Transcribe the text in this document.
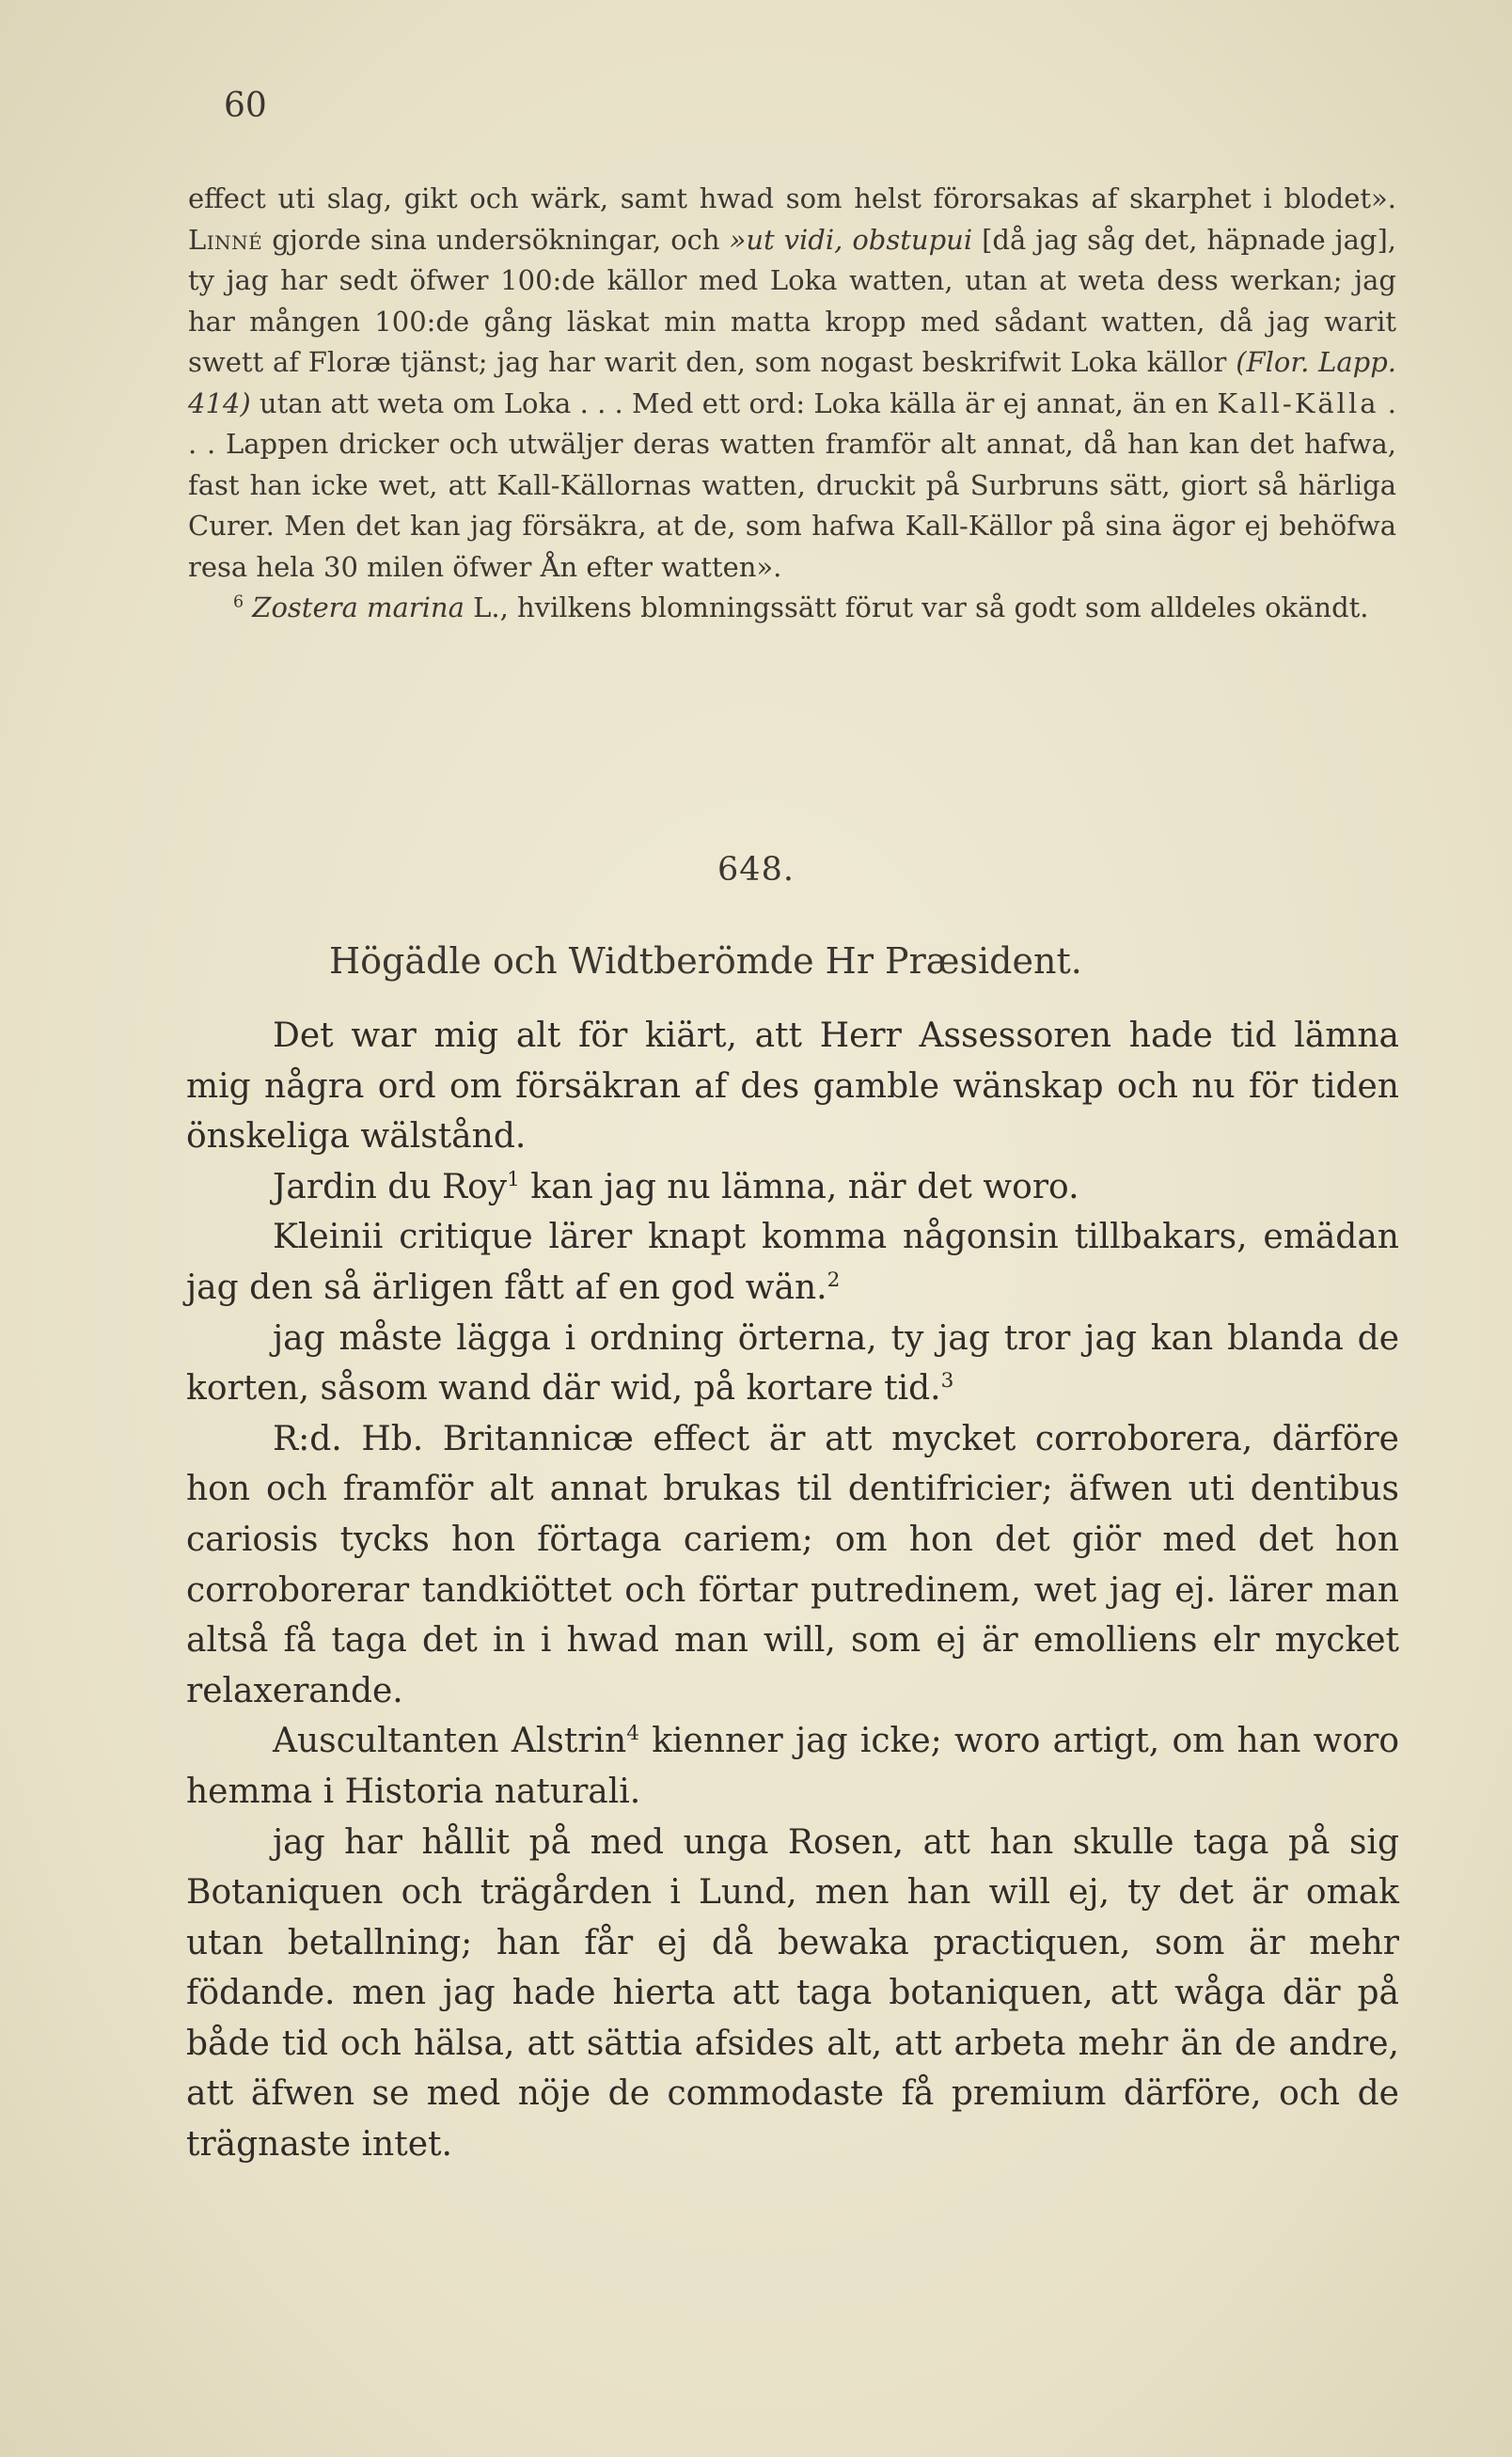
60

effect uti slag, gikt och wärk, samt hwad som helst förorsakas af skarphet i blodet». Linné gjorde sina undersökningar, och »ut vidi, obstupui [då jag såg det, häpnade jag], ty jag har sedt öfwer 100:de källor med Loka watten, utan at weta dess werkan; jag har mången 100:de gång läskat min matta kropp med sådant watten, då jag warit swett af Floræ tjänst; jag har warit den, som nogast beskrifwit Loka källor (Flor. Lapp. 414) utan att weta om Loka . . . Med ett ord: Loka källa är ej annat, än en Kall-Källa . . . Lappen dricker och utwäljer deras watten framför alt annat, då han kan det hafwa, fast han icke wet, att Kall-Källornas watten, druckit på Surbruns sätt, giort så härliga Curer. Men det kan jag försäkra, at de, som hafwa Kall-Källor på sina ägor ej behöfwa resa hela 30 milen öfwer Ån efter watten».

$^6$ Zostera marina L., hvilkens blomningssätt förut var så godt som alldeles okändt.

648.
Högädle och Widtberömde Hr Præsident.

Det war mig alt för kiärt, att Herr Assessoren hade tid lämna mig några ord om försäkran af des gamble wänskap och nu för tiden önskeliga wälstånd.

Jardin du Roy$^1$ kan jag nu lämna, när det woro.

Kleinii critique lärer knapt komma någonsin tillbakars, emädan jag den så ärligen fått af en god wän.$^2$

jag måste lägga i ordning örterna, ty jag tror jag kan blanda de korten, såsom wand där wid, på kortare tid.$^3$

R:d. Hb. Britannicæ effect är att mycket corroborera, därföre hon och framför alt annat brukas til dentifricier; äfwen uti dentibus cariosis tycks hon förtaga cariem; om hon det giör med det hon corroborerar tandkiöttet och förtar putredinem, wet jag ej. lärer man altså få taga det in i hwad man will, som ej är emolliens elr mycket relaxerande.

Auscultanten Alstrin$^4$ kienner jag icke; woro artigt, om han woro hemma i Historia naturali.

jag har hållit på med unga Rosen, att han skulle taga på sig Botaniquen och trägården i Lund, men han will ej, ty det är omak utan betallning; han får ej då bewaka practiquen, som är mehr födande. men jag hade hierta att taga botaniquen, att wåga där på både tid och hälsa, att sättia afsides alt, att arbeta mehr än de andre, att äfwen se med nöje de commodaste få premium därföre, och de trägnaste intet.
